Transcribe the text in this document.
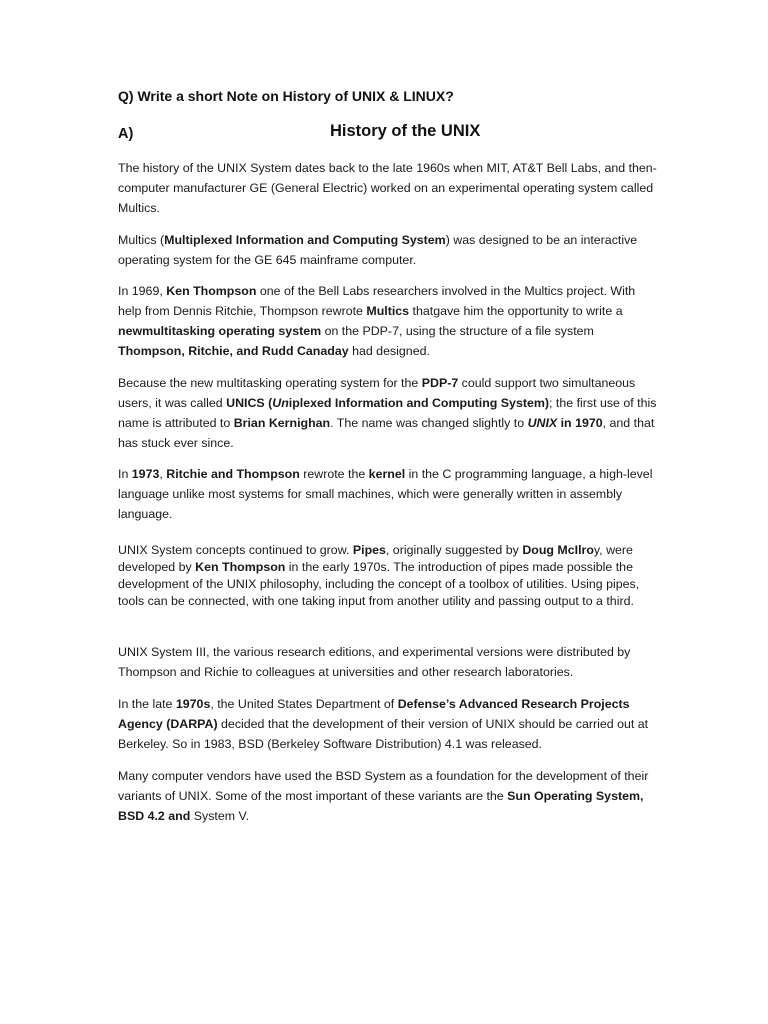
Q) Write a short Note on History of UNIX & LINUX?
A)	History of the UNIX

The history of the UNIX System dates back to the late 1960s when MIT, AT&T Bell Labs, and then-computer manufacturer GE (General Electric) worked on an experimental operating system called Multics.

Multics (Multiplexed Information and Computing System) was designed to be an interactive operating system for the GE 645 mainframe computer.

In 1969, Ken Thompson one of the Bell Labs researchers involved in the Multics project. With help from Dennis Ritchie, Thompson rewrote Multics thatgave him the opportunity to write a newmultitasking operating system on the PDP-7, using the structure of a file system Thompson, Ritchie, and Rudd Canaday had designed.

Because the new multitasking operating system for the PDP-7 could support two simultaneous users, it was called UNICS (Uniplexed Information and Computing System); the first use of this name is attributed to Brian Kernighan. The name was changed slightly to UNIX in 1970, and that has stuck ever since.

In 1973, Ritchie and Thompson rewrote the kernel in the C programming language, a high-level language unlike most systems for small machines, which were generally written in assembly language.

UNIX System concepts continued to grow. Pipes, originally suggested by Doug McIlroy, were developed by Ken Thompson in the early 1970s. The introduction of pipes made possible the development of the UNIX philosophy, including the concept of a toolbox of utilities. Using pipes, tools can be connected, with one taking input from another utility and passing output to a third.

UNIX System III, the various research editions, and experimental versions were distributed by Thompson and Richie to colleagues at universities and other research laboratories.

In the late 1970s, the United States Department of Defense’s Advanced Research Projects Agency (DARPA) decided that the development of their version of UNIX should be carried out at Berkeley. So in 1983, BSD (Berkeley Software Distribution) 4.1 was released.

Many computer vendors have used the BSD System as a foundation for the development of their variants of UNIX. Some of the most important of these variants are the Sun Operating System, BSD 4.2 and System V.
